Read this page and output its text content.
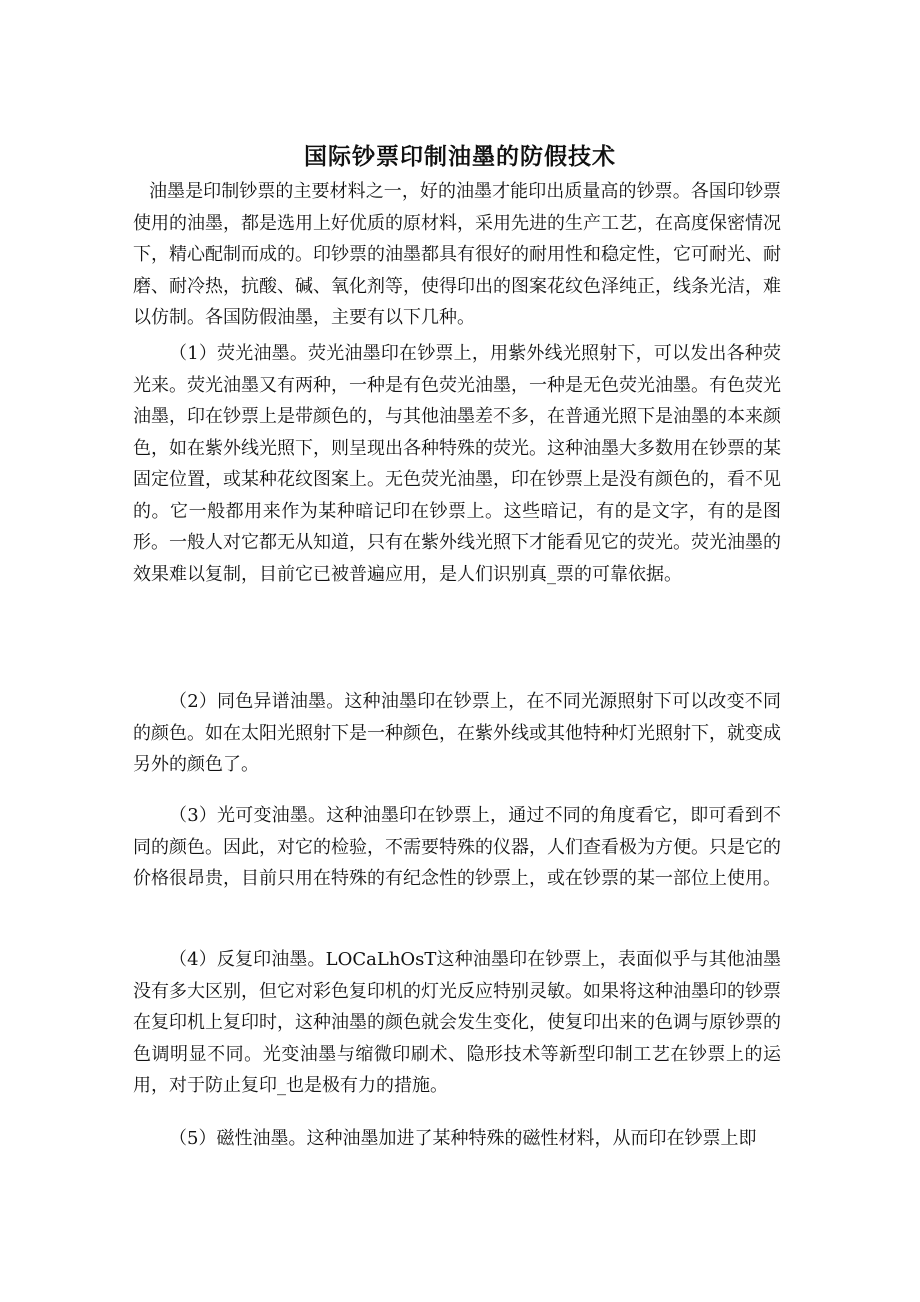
国际钞票印制油墨的防假技术

油墨是印制钞票的主要材料之一，好的油墨才能印出质量高的钞票。各国印钞票使用的油墨，都是选用上好优质的原材料，采用先进的生产工艺，在高度保密情况下，精心配制而成的。印钞票的油墨都具有很好的耐用性和稳定性，它可耐光、耐磨、耐冷热，抗酸、碱、氧化剂等，使得印出的图案花纹色泽纯正，线条光洁，难以仿制。各国防假油墨，主要有以下几种。

（1）荧光油墨。荧光油墨印在钞票上，用紫外线光照射下，可以发出各种荧光来。荧光油墨又有两种，一种是有色荧光油墨，一种是无色荧光油墨。有色荧光油墨，印在钞票上是带颜色的，与其他油墨差不多，在普通光照下是油墨的本来颜色，如在紫外线光照下，则呈现出各种特殊的荧光。这种油墨大多数用在钞票的某固定位置，或某种花纹图案上。无色荧光油墨，印在钞票上是没有颜色的，看不见的。它一般都用来作为某种暗记印在钞票上。这些暗记，有的是文字，有的是图形。一般人对它都无从知道，只有在紫外线光照下才能看见它的荧光。荧光油墨的效果难以复制，目前它已被普遍应用，是人们识别真_票的可靠依据。

（2）同色异谱油墨。这种油墨印在钞票上，在不同光源照射下可以改变不同的颜色。如在太阳光照射下是一种颜色，在紫外线或其他特种灯光照射下，就变成另外的颜色了。

（3）光可变油墨。这种油墨印在钞票上，通过不同的角度看它，即可看到不同的颜色。因此，对它的检验，不需要特殊的仪器，人们查看极为方便。只是它的价格很昂贵，目前只用在特殊的有纪念性的钞票上，或在钞票的某一部位上使用。

（4）反复印油墨。LOCaLhOsT这种油墨印在钞票上，表面似乎与其他油墨没有多大区别，但它对彩色复印机的灯光反应特别灵敏。如果将这种油墨印的钞票在复印机上复印时，这种油墨的颜色就会发生变化，使复印出来的色调与原钞票的色调明显不同。光变油墨与缩微印刷术、隐形技术等新型印制工艺在钞票上的运用，对于防止复印_也是极有力的措施。

（5）磁性油墨。这种油墨加进了某种特殊的磁性材料，从而印在钞票上即
